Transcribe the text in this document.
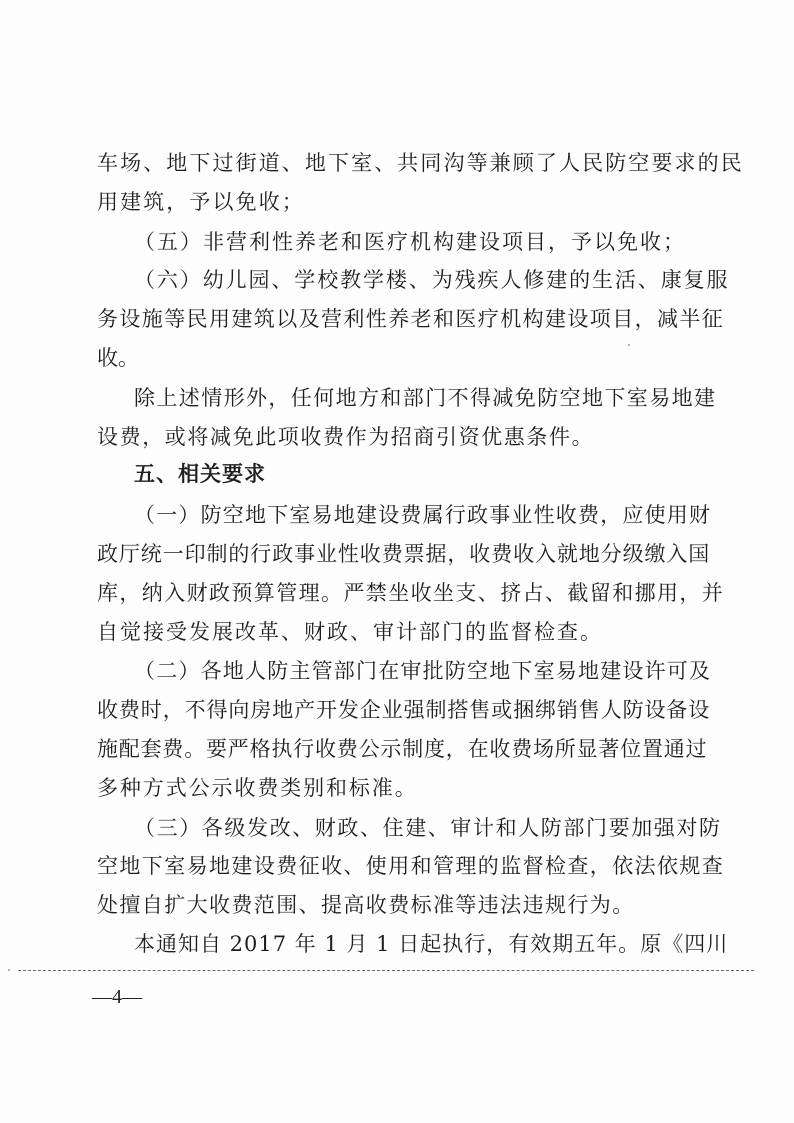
车场、地下过街道、地下室、共同沟等兼顾了人民防空要求的民
用建筑，予以免收；
（五）非营利性养老和医疗机构建设项目，予以免收；
（六）幼儿园、学校教学楼、为残疾人修建的生活、康复服
务设施等民用建筑以及营利性养老和医疗机构建设项目，减半征
收。
除上述情形外，任何地方和部门不得减免防空地下室易地建
设费，或将减免此项收费作为招商引资优惠条件。
五、相关要求
（一）防空地下室易地建设费属行政事业性收费，应使用财
政厅统一印制的行政事业性收费票据，收费收入就地分级缴入国
库，纳入财政预算管理。严禁坐收坐支、挤占、截留和挪用，并
自觉接受发展改革、财政、审计部门的监督检查。
（二）各地人防主管部门在审批防空地下室易地建设许可及
收费时，不得向房地产开发企业强制搭售或捆绑销售人防设备设
施配套费。要严格执行收费公示制度，在收费场所显著位置通过
多种方式公示收费类别和标准。
（三）各级发改、财政、住建、审计和人防部门要加强对防
空地下室易地建设费征收、使用和管理的监督检查，依法依规查
处擅自扩大收费范围、提高收费标准等违法违规行为。
本通知自 2017 年 1 月 1 日起执行，有效期五年。原《四川
—4—
